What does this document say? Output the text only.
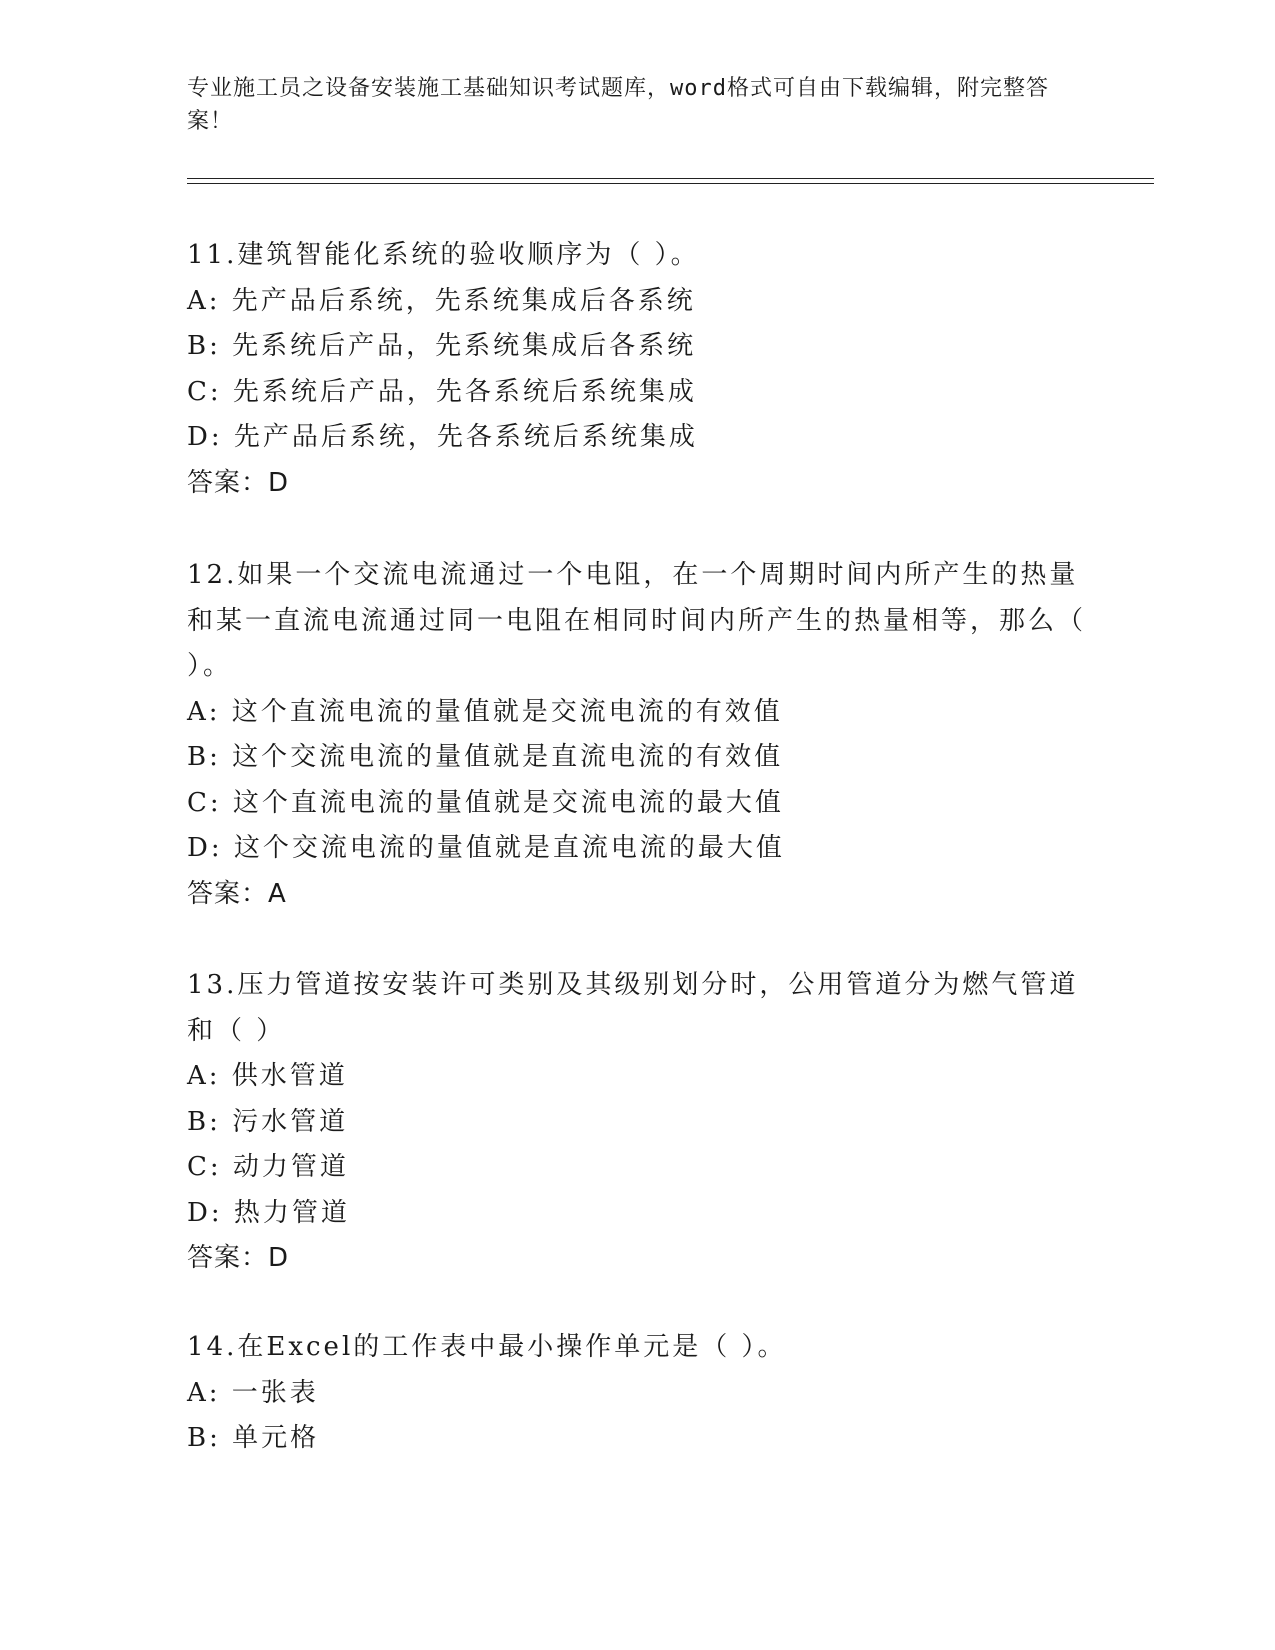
专业施工员之设备安装施工基础知识考试题库，word格式可自由下载编辑，附完整答案！

11.建筑智能化系统的验收顺序为（ ）。

A: 先产品后系统，先系统集成后各系统

B: 先系统后产品，先系统集成后各系统

C: 先系统后产品，先各系统后系统集成

D: 先产品后系统，先各系统后系统集成

答案：D

12.如果一个交流电流通过一个电阻，在一个周期时间内所产生的热量和某一直流电流通过同一电阻在相同时间内所产生的热量相等，那么（ ）。

A: 这个直流电流的量值就是交流电流的有效值

B: 这个交流电流的量值就是直流电流的有效值

C: 这个直流电流的量值就是交流电流的最大值

D: 这个交流电流的量值就是直流电流的最大值

答案：A

13.压力管道按安装许可类别及其级别划分时，公用管道分为燃气管道和（ ）

A: 供水管道

B: 污水管道

C: 动力管道

D: 热力管道

答案：D

14.在Excel的工作表中最小操作单元是（ ）。

A: 一张表

B: 单元格
